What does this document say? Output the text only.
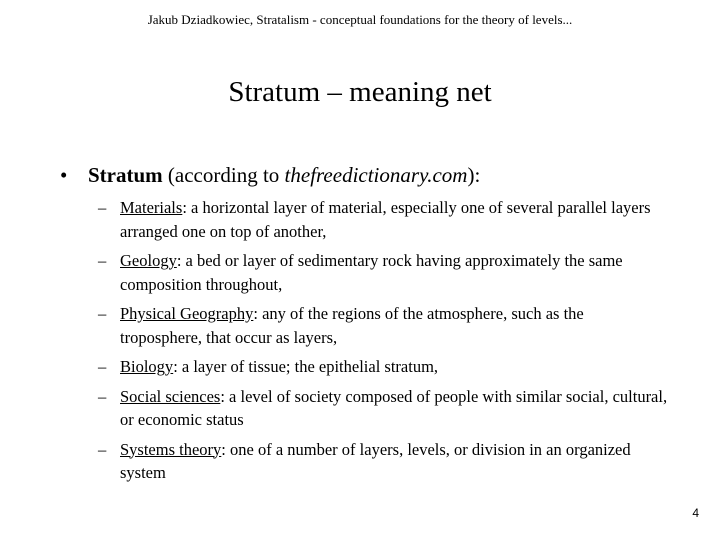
Jakub Dziadkowiec, Stratalism - conceptual foundations for the theory of levels...
Stratum – meaning net
• Stratum (according to thefreedictionary.com):
– Materials: a horizontal layer of material, especially one of several parallel layers arranged one on top of another,
– Geology: a bed or layer of sedimentary rock having approximately the same composition throughout,
– Physical Geography: any of the regions of the atmosphere, such as the troposphere, that occur as layers,
– Biology: a layer of tissue; the epithelial stratum,
– Social sciences: a level of society composed of people with similar social, cultural, or economic status
– Systems theory: one of a number of layers, levels, or division in an organized system
4
